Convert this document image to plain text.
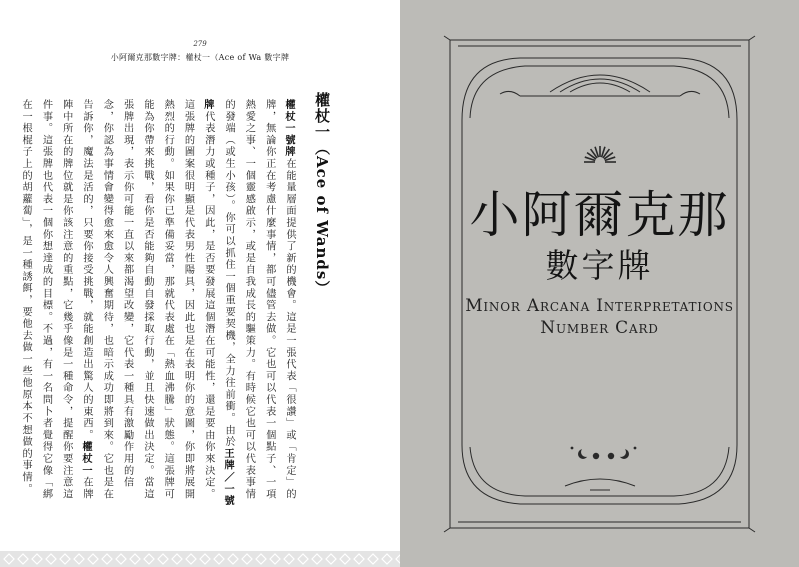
279
小阿爾克那數字牌：權杖一（Ace of Wa 數字牌
權杖一（Ace of Wands）

權杖一號牌在能量層面提供了新的機會。這是一張代表「很讚」或「肯定」的牌，無論你正在考慮什麼事情，都可儘管去做。它也可以代表一個點子、一項熱愛之事、一個靈感啟示，或是自我成長的驅策力。有時候它也可以代表事情的發端（或生小孩）。你可以抓住一個重要契機，全力往前衝。由於王牌／一號牌代表潛力或種子，因此，是否要發展這個潛在可能性，還是要由你來決定。這張牌的圖案很明顯是代表男性陽具，因此也是在表明你的意圖，你即將展開熱烈的行動。如果你已準備妥當，那就代表處在「熱血沸騰」狀態。這張牌可能為你帶來挑戰，看你是否能夠自動自發採取行動，並且快速做出決定。當這張牌出現，表示你可能一直以來都渴望改變，它代表一種具有激勵作用的信念，你認為事情會變得愈來愈令人興奮期待，也暗示成功即將到來。它也是在告訴你，魔法是活的，只要你接受挑戰，就能創造出驚人的東西。權杖一在牌陣中所在的牌位就是你該注意的重點，它幾乎像是一種命令，提醒你要注意這件事。這張牌也代表一個你想達成的目標。不過，有一名問卜者覺得它像「綁在一根棍子上的胡蘿蔔」，是一種誘餌，要他去做一些他原本不想做的事情。	小阿爾克那
數字牌
Minor Arcana Interpretations
Number Card
